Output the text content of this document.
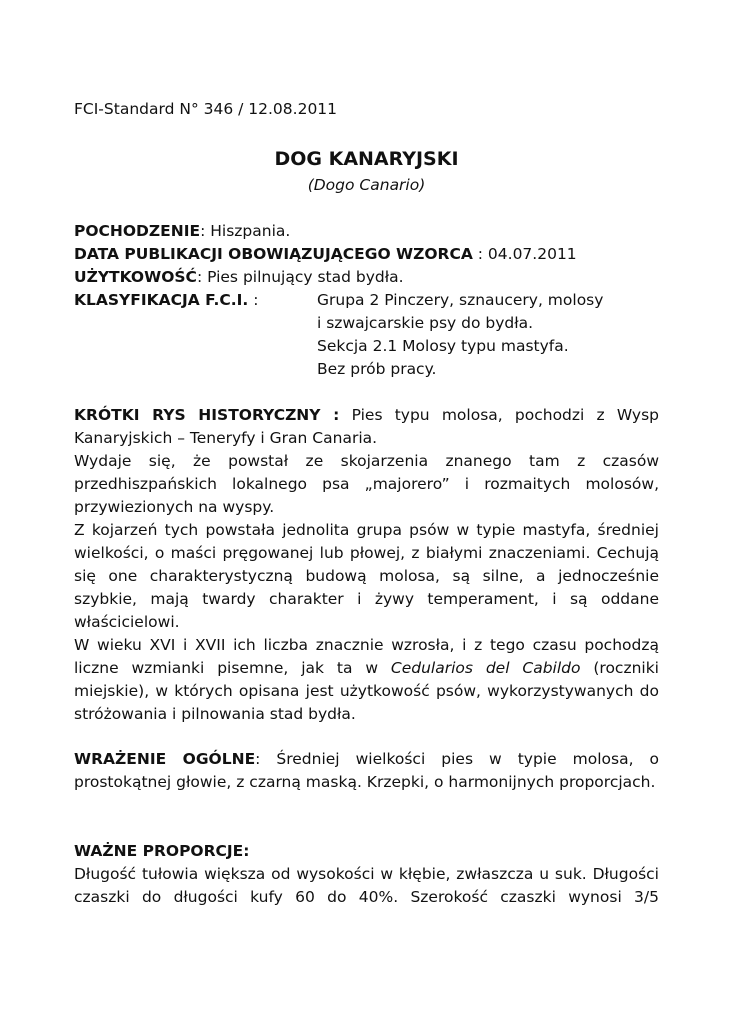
FCI-Standard N° 346 / 12.08.2011
DOG KANARYJSKI
(Dogo Canario)
POCHODZENIE: Hiszpania.
DATA PUBLIKACJI OBOWIĄZUJĄCEGO WZORCA : 04.07.2011
UŻYTKOWOŚĆ: Pies pilnujący stad bydła.
KLASYFIKACJA F.C.I. :	Grupa 2 Pinczery, sznaucery, molosy
i szwajcarskie psy do bydła.
Sekcja 2.1 Molosy typu mastyfa.
Bez prób pracy.

KRÓTKI RYS HISTORYCZNY : Pies typu molosa, pochodzi z Wysp Kanaryjskich – Teneryfy i Gran Canaria.

Wydaje się, że powstał ze skojarzenia znanego tam z czasów przedhiszpańskich lokalnego psa „majorero” i rozmaitych molosów, przywiezionych na wyspy.

Z kojarzeń tych powstała jednolita grupa psów w typie mastyfa, średniej wielkości, o maści pręgowanej lub płowej, z białymi znaczeniami. Cechują się one charakterystyczną budową molosa, są silne, a jednocześnie szybkie, mają twardy charakter i żywy temperament, i są oddane właścicielowi.

W wieku XVI i XVII ich liczba znacznie wzrosła, i z tego czasu pochodzą liczne wzmianki pisemne, jak ta w Cedularios del Cabildo (roczniki miejskie), w których opisana jest użytkowość psów, wykorzystywanych do stróżowania i pilnowania stad bydła.

WRAŻENIE OGÓLNE: Średniej wielkości pies w typie molosa, o prostokątnej głowie, z czarną maską. Krzepki, o harmonijnych proporcjach.

WAŻNE PROPORCJE:

Długość tułowia większa od wysokości w kłębie, zwłaszcza u suk. Długości czaszki do długości kufy 60 do 40%. Szerokość czaszki wynosi 3/5
